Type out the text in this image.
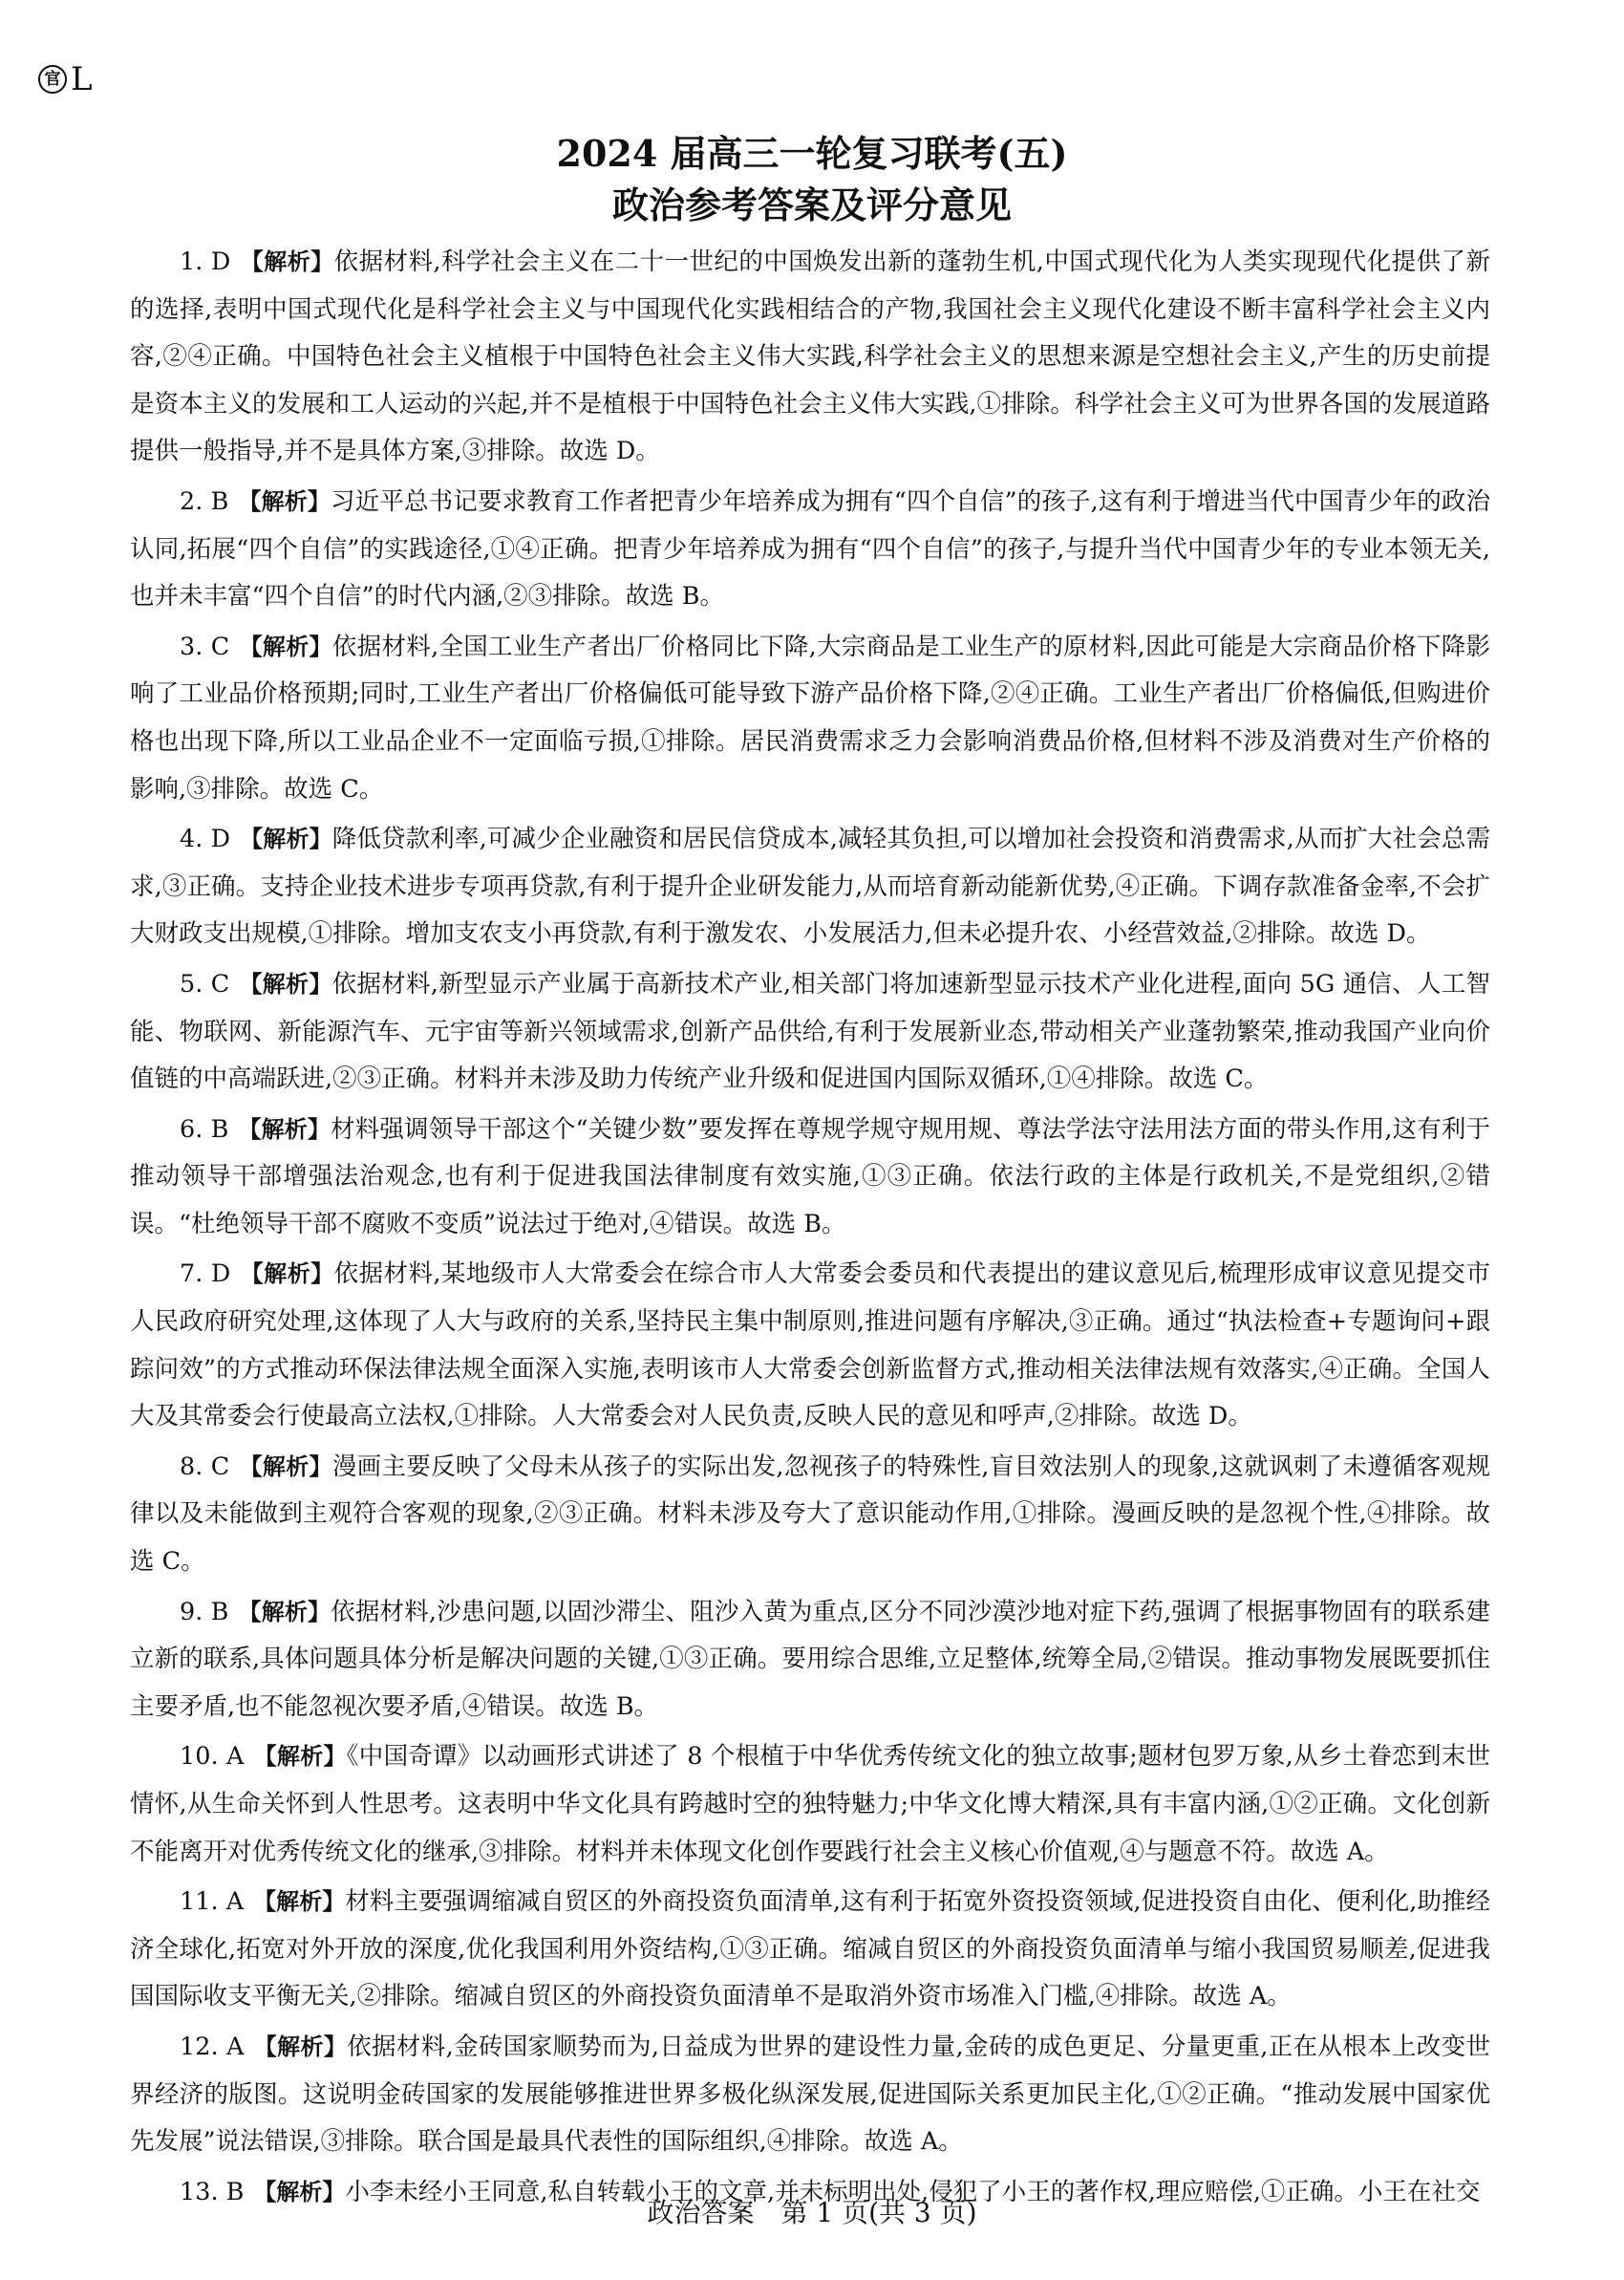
官 L
2024 届高三一轮复习联考(五)
政治参考答案及评分意见

1. D 【解析】依据材料,科学社会主义在二十一世纪的中国焕发出新的蓬勃生机,中国式现代化为人类实现现代化提供了新的选择,表明中国式现代化是科学社会主义与中国现代化实践相结合的产物,我国社会主义现代化建设不断丰富科学社会主义内容,②④正确。中国特色社会主义植根于中国特色社会主义伟大实践,科学社会主义的思想来源是空想社会主义,产生的历史前提是资本主义的发展和工人运动的兴起,并不是植根于中国特色社会主义伟大实践,①排除。科学社会主义可为世界各国的发展道路提供一般指导,并不是具体方案,③排除。故选 D。

2. B 【解析】习近平总书记要求教育工作者把青少年培养成为拥有“四个自信”的孩子,这有利于增进当代中国青少年的政治认同,拓展“四个自信”的实践途径,①④正确。把青少年培养成为拥有“四个自信”的孩子,与提升当代中国青少年的专业本领无关,也并未丰富“四个自信”的时代内涵,②③排除。故选 B。

3. C 【解析】依据材料,全国工业生产者出厂价格同比下降,大宗商品是工业生产的原材料,因此可能是大宗商品价格下降影响了工业品价格预期;同时,工业生产者出厂价格偏低可能导致下游产品价格下降,②④正确。工业生产者出厂价格偏低,但购进价格也出现下降,所以工业品企业不一定面临亏损,①排除。居民消费需求乏力会影响消费品价格,但材料不涉及消费对生产价格的影响,③排除。故选 C。

4. D 【解析】降低贷款利率,可减少企业融资和居民信贷成本,减轻其负担,可以增加社会投资和消费需求,从而扩大社会总需求,③正确。支持企业技术进步专项再贷款,有利于提升企业研发能力,从而培育新动能新优势,④正确。下调存款准备金率,不会扩大财政支出规模,①排除。增加支农支小再贷款,有利于激发农、小发展活力,但未必提升农、小经营效益,②排除。故选 D。

5. C 【解析】依据材料,新型显示产业属于高新技术产业,相关部门将加速新型显示技术产业化进程,面向 5G 通信、人工智能、物联网、新能源汽车、元宇宙等新兴领域需求,创新产品供给,有利于发展新业态,带动相关产业蓬勃繁荣,推动我国产业向价值链的中高端跃进,②③正确。材料并未涉及助力传统产业升级和促进国内国际双循环,①④排除。故选 C。

6. B 【解析】材料强调领导干部这个“关键少数”要发挥在尊规学规守规用规、尊法学法守法用法方面的带头作用,这有利于推动领导干部增强法治观念,也有利于促进我国法律制度有效实施,①③正确。依法行政的主体是行政机关,不是党组织,②错误。“杜绝领导干部不腐败不变质”说法过于绝对,④错误。故选 B。

7. D 【解析】依据材料,某地级市人大常委会在综合市人大常委会委员和代表提出的建议意见后,梳理形成审议意见提交市人民政府研究处理,这体现了人大与政府的关系,坚持民主集中制原则,推进问题有序解决,③正确。通过“执法检查+专题询问+跟踪问效”的方式推动环保法律法规全面深入实施,表明该市人大常委会创新监督方式,推动相关法律法规有效落实,④正确。全国人大及其常委会行使最高立法权,①排除。人大常委会对人民负责,反映人民的意见和呼声,②排除。故选 D。

8. C 【解析】漫画主要反映了父母未从孩子的实际出发,忽视孩子的特殊性,盲目效法别人的现象,这就讽刺了未遵循客观规律以及未能做到主观符合客观的现象,②③正确。材料未涉及夸大了意识能动作用,①排除。漫画反映的是忽视个性,④排除。故选 C。

9. B 【解析】依据材料,沙患问题,以固沙滞尘、阻沙入黄为重点,区分不同沙漠沙地对症下药,强调了根据事物固有的联系建立新的联系,具体问题具体分析是解决问题的关键,①③正确。要用综合思维,立足整体,统筹全局,②错误。推动事物发展既要抓住主要矛盾,也不能忽视次要矛盾,④错误。故选 B。

10. A 【解析】《中国奇谭》以动画形式讲述了 8 个根植于中华优秀传统文化的独立故事;题材包罗万象,从乡土眷恋到末世情怀,从生命关怀到人性思考。这表明中华文化具有跨越时空的独特魅力;中华文化博大精深,具有丰富内涵,①②正确。文化创新不能离开对优秀传统文化的继承,③排除。材料并未体现文化创作要践行社会主义核心价值观,④与题意不符。故选 A。

11. A 【解析】材料主要强调缩减自贸区的外商投资负面清单,这有利于拓宽外资投资领域,促进投资自由化、便利化,助推经济全球化,拓宽对外开放的深度,优化我国利用外资结构,①③正确。缩减自贸区的外商投资负面清单与缩小我国贸易顺差,促进我国国际收支平衡无关,②排除。缩减自贸区的外商投资负面清单不是取消外资市场准入门槛,④排除。故选 A。

12. A 【解析】依据材料,金砖国家顺势而为,日益成为世界的建设性力量,金砖的成色更足、分量更重,正在从根本上改变世界经济的版图。这说明金砖国家的发展能够推进世界多极化纵深发展,促进国际关系更加民主化,①②正确。“推动发展中国家优先发展”说法错误,③排除。联合国是最具代表性的国际组织,④排除。故选 A。

13. B 【解析】小李未经小王同意,私自转载小王的文章,并未标明出处,侵犯了小王的著作权,理应赔偿,①正确。小王在社交

政治答案　第 1 页(共 3 页)
